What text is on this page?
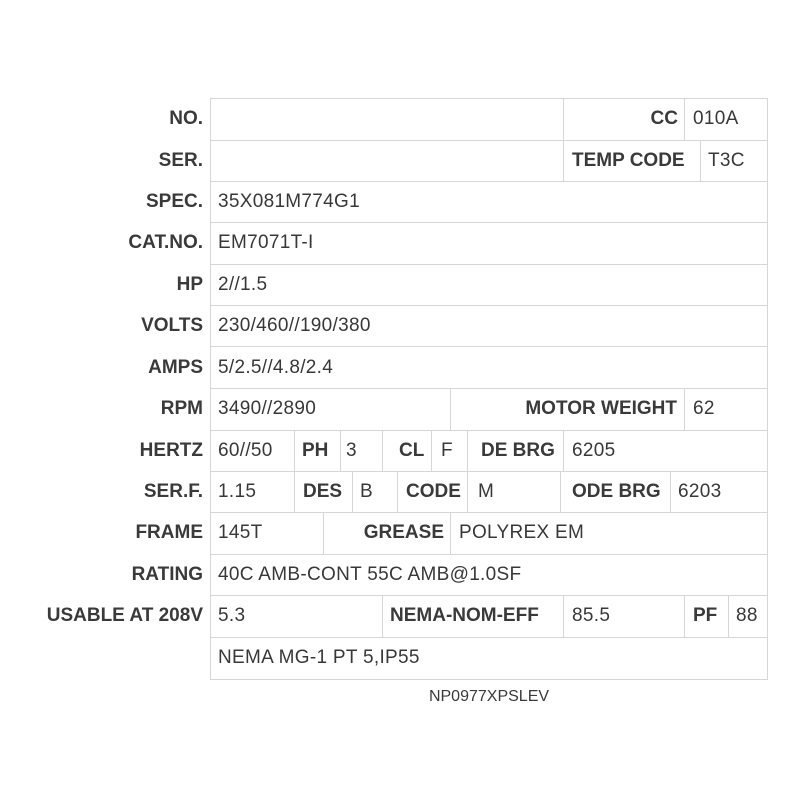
NO.	CC 010A
SER.	TEMP CODE T3C
SPEC. 35X081M774G1
CAT.NO. EM7071T-I
HP 2//1.5
VOLTS 230/460//190/380
AMPS 5/2.5//4.8/2.4
RPM 3490//2890	MOTOR WEIGHT 62
HERTZ 60//50 PH 3 CL F DE BRG 6205
SER.F. 1.15 DES B CODE M	ODE BRG 6203
FRAME 145T	GREASE POLYREX EM
RATING 40C AMB-CONT 55C AMB@1.0SF
USABLE AT 208V 5.3	NEMA-NOM-EFF 85.5	PF 88
NEMA MG-1 PT 5,IP55
NP0977XPSLEV
